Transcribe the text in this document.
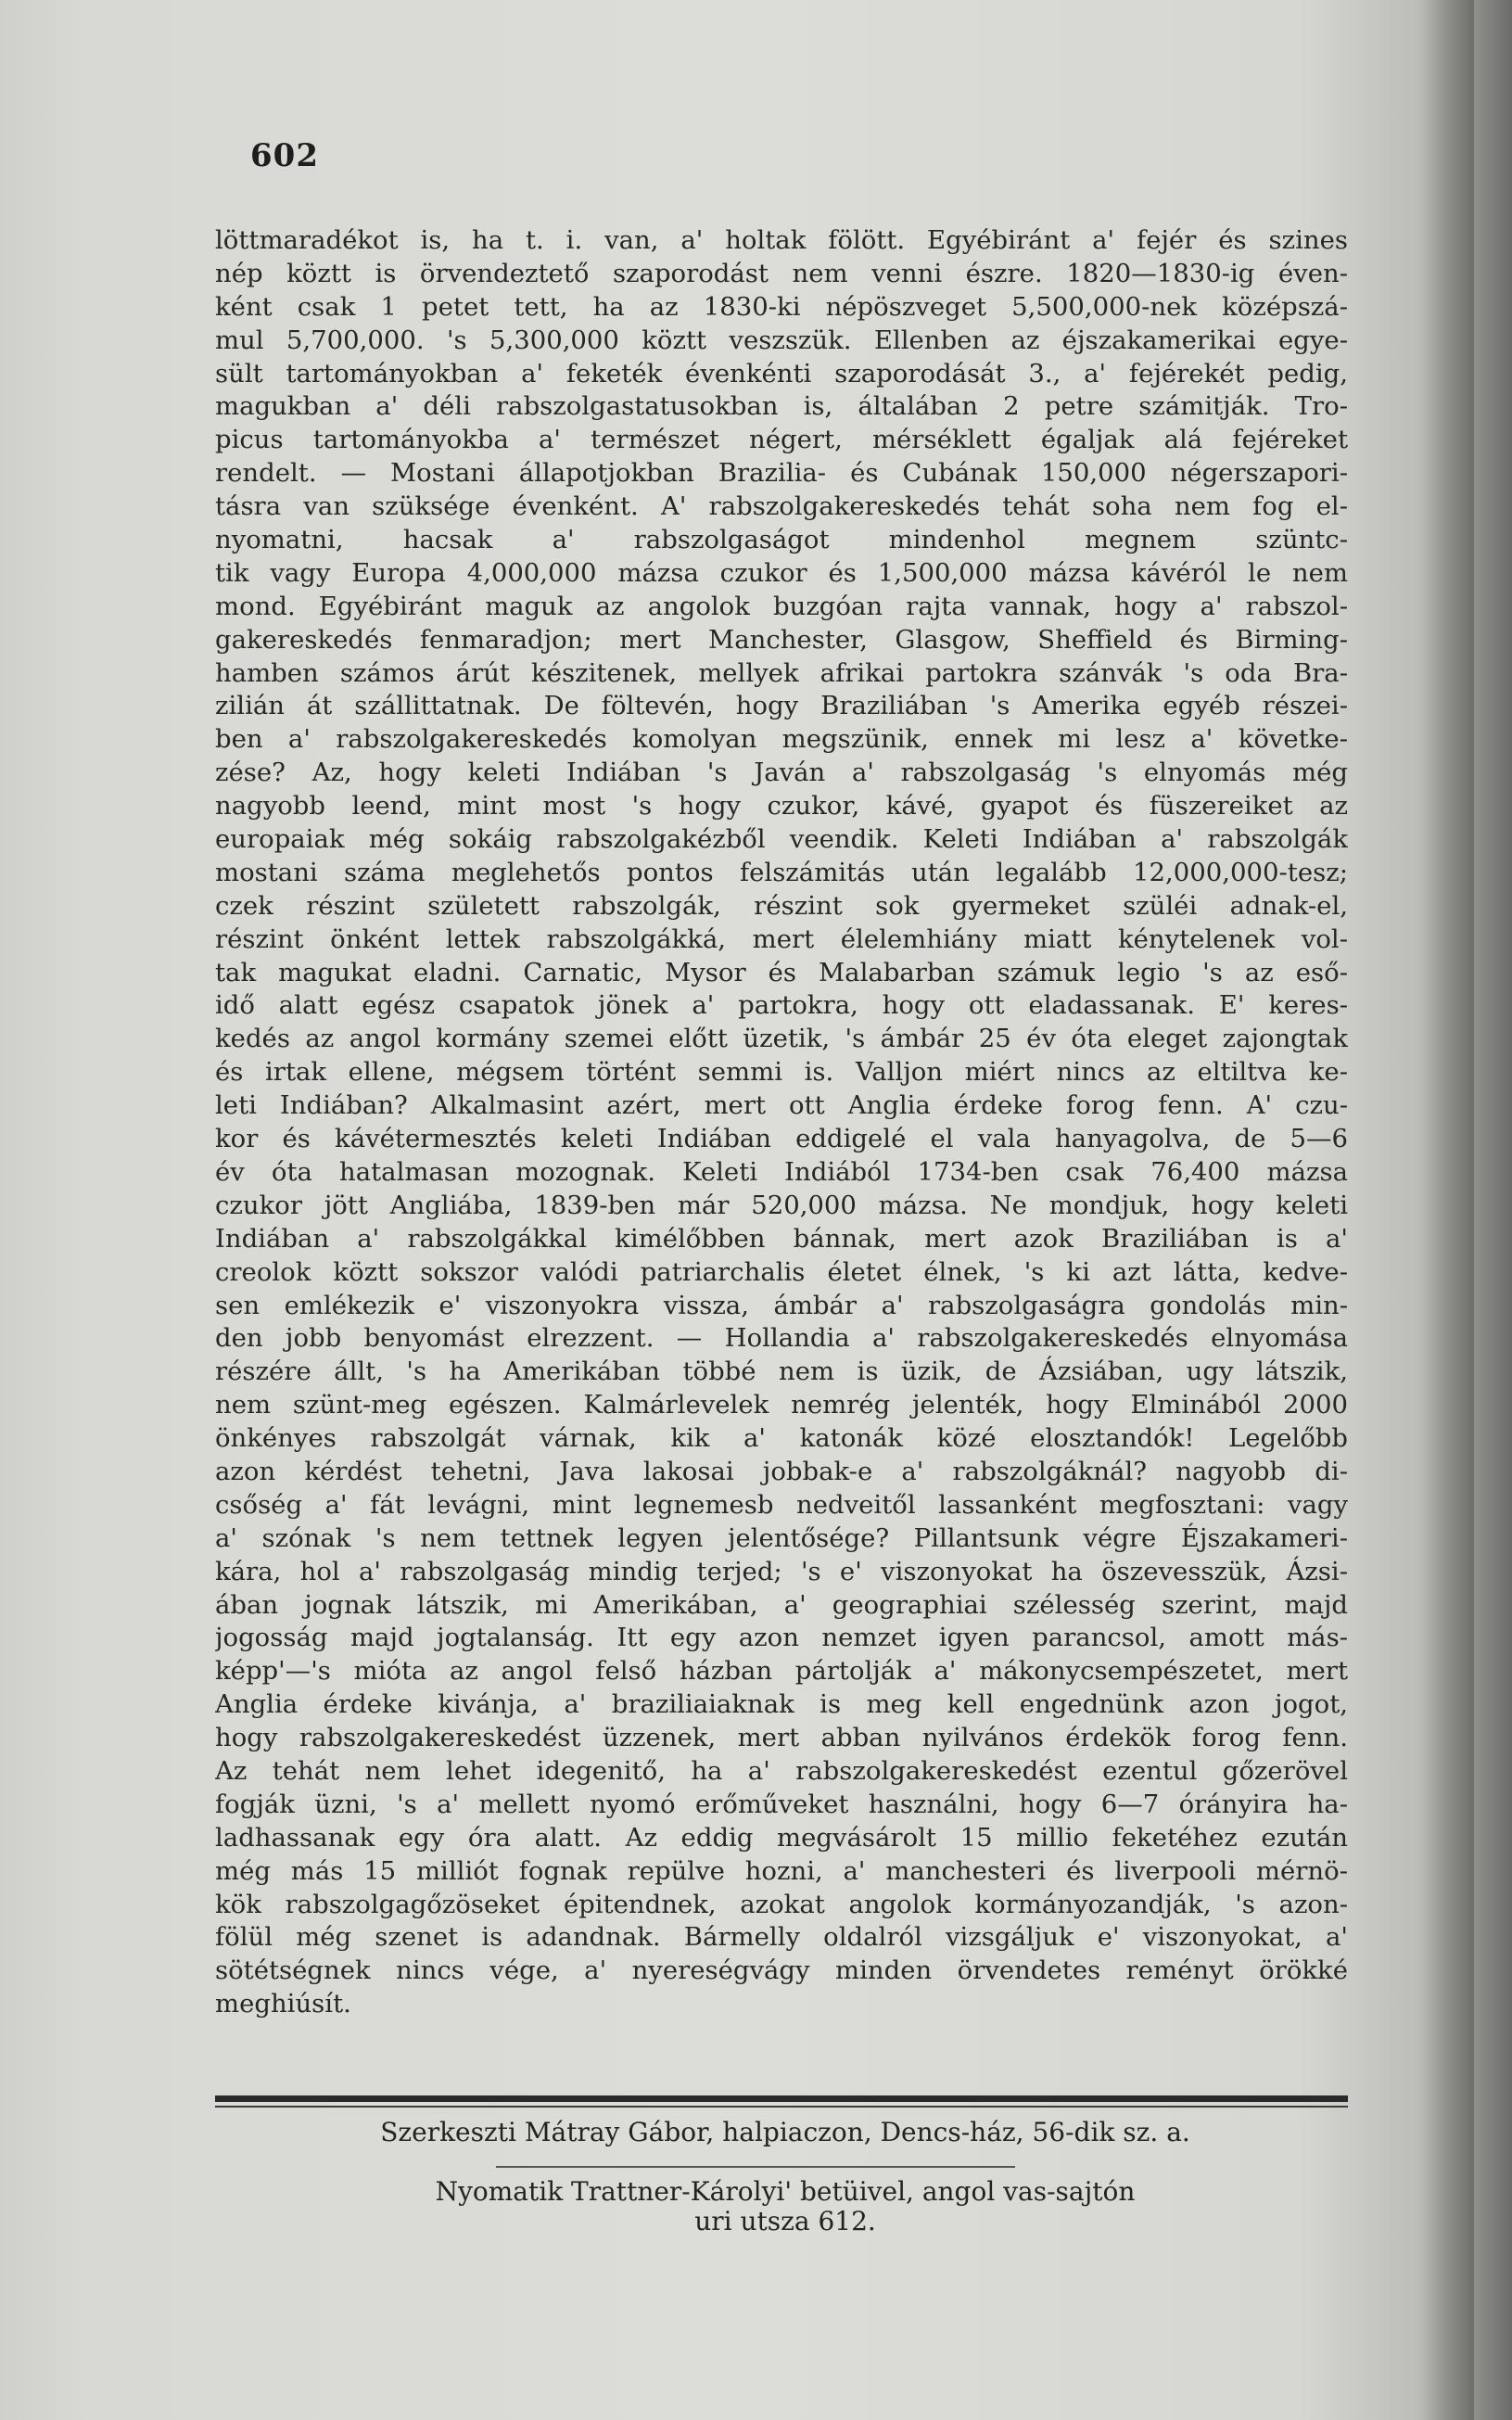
602
löttmaradékot is, ha t. i. van, a' holtak fölött. Egyébiránt a' fejér és szines
nép köztt is örvendeztető szaporodást nem venni észre. 1820—1830-ig éven-
ként csak 1 petet tett, ha az 1830-ki népöszveget 5,500,000-nek középszá-
mul 5,700,000. 's 5,300,000 köztt veszszük. Ellenben az éjszakamerikai egye-
sült tartományokban a' feketék évenkénti szaporodását 3., a' fejérekét pedig,
magukban a' déli rabszolgastatusokban is, általában 2 petre számitják. Tro-
picus tartományokba a' természet négert, mérséklett égaljak alá fejéreket
rendelt. — Mostani állapotjokban Brazilia- és Cubának 150,000 négerszapori-
tásra van szüksége évenként. A' rabszolgakereskedés tehát soha nem fog el-
nyomatni, hacsak a' rabszolgaságot mindenhol megnem szüntc-
tik vagy Europa 4,000,000 mázsa czukor és 1,500,000 mázsa kávéról le nem
mond. Egyébiránt maguk az angolok buzgóan rajta vannak, hogy a' rabszol-
gakereskedés fenmaradjon; mert Manchester, Glasgow, Sheffield és Birming-
hamben számos árút készitenek, mellyek afrikai partokra szánvák 's oda Bra-
zilián át szállittatnak. De föltevén, hogy Braziliában 's Amerika egyéb részei-
ben a' rabszolgakereskedés komolyan megszünik, ennek mi lesz a' követke-
zése? Az, hogy keleti Indiában 's Javán a' rabszolgaság 's elnyomás még
nagyobb leend, mint most 's hogy czukor, kávé, gyapot és füszereiket az
europaiak még sokáig rabszolgakézből veendik. Keleti Indiában a' rabszolgák
mostani száma meglehetős pontos felszámitás után legalább 12,000,000-tesz;
czek részint született rabszolgák, részint sok gyermeket szüléi adnak-el,
részint önként lettek rabszolgákká, mert élelemhiány miatt kénytelenek vol-
tak magukat eladni. Carnatic, Mysor és Malabarban számuk legio 's az eső-
idő alatt egész csapatok jönek a' partokra, hogy ott eladassanak. E' keres-
kedés az angol kormány szemei előtt üzetik, 's ámbár 25 év óta eleget zajongtak
és irtak ellene, mégsem történt semmi is. Valljon miért nincs az eltiltva ke-
leti Indiában? Alkalmasint azért, mert ott Anglia érdeke forog fenn. A' czu-
kor és kávétermesztés keleti Indiában eddigelé el vala hanyagolva, de 5—6
év óta hatalmasan mozognak. Keleti Indiából 1734-ben csak 76,400 mázsa
czukor jött Angliába, 1839-ben már 520,000 mázsa. Ne mondjuk, hogy keleti
Indiában a' rabszolgákkal kimélőbben bánnak, mert azok Braziliában is a'
creolok köztt sokszor valódi patriarchalis életet élnek, 's ki azt látta, kedve-
sen emlékezik e' viszonyokra vissza, ámbár a' rabszolgaságra gondolás min-
den jobb benyomást elrezzent. — Hollandia a' rabszolgakereskedés elnyomása
részére állt, 's ha Amerikában többé nem is üzik, de Ázsiában, ugy látszik,
nem szünt-meg egészen. Kalmárlevelek nemrég jelenték, hogy Elminából 2000
önkényes rabszolgát várnak, kik a' katonák közé elosztandók! Legelőbb
azon kérdést tehetni, Java lakosai jobbak-e a' rabszolgáknál? nagyobb di-
csőség a' fát levágni, mint legnemesb nedveitől lassanként megfosztani: vagy
a' szónak 's nem tettnek legyen jelentősége? Pillantsunk végre Éjszakameri-
kára, hol a' rabszolgaság mindig terjed; 's e' viszonyokat ha öszevesszük, Ázsi-
ában jognak látszik, mi Amerikában, a' geographiai szélesség szerint, majd
jogosság majd jogtalanság. Itt egy azon nemzet igyen parancsol, amott más-
képp'—'s mióta az angol felső házban pártolják a' mákonycsempészetet, mert
Anglia érdeke kivánja, a' braziliaiaknak is meg kell engednünk azon jogot,
hogy rabszolgakereskedést üzzenek, mert abban nyilvános érdekök forog fenn.
Az tehát nem lehet idegenitő, ha a' rabszolgakereskedést ezentul gőzerövel
fogják üzni, 's a' mellett nyomó erőműveket használni, hogy 6—7 órányira ha-
ladhassanak egy óra alatt. Az eddig megvásárolt 15 millio feketéhez ezután
még más 15 milliót fognak repülve hozni, a' manchesteri és liverpooli mérnö-
kök rabszolgagőzöseket épitendnek, azokat angolok kormányozandják, 's azon-
fölül még szenet is adandnak. Bármelly oldalról vizsgáljuk e' viszonyokat, a'
sötétségnek nincs vége, a' nyereségvágy minden örvendetes reményt örökké
meghiúsít.
Szerkeszti Mátray Gábor, halpiaczon, Dencs-ház, 56-dik sz. a.
Nyomatik Trattner-Károlyi' betüivel, angol vas-sajtón
uri utsza 612.
